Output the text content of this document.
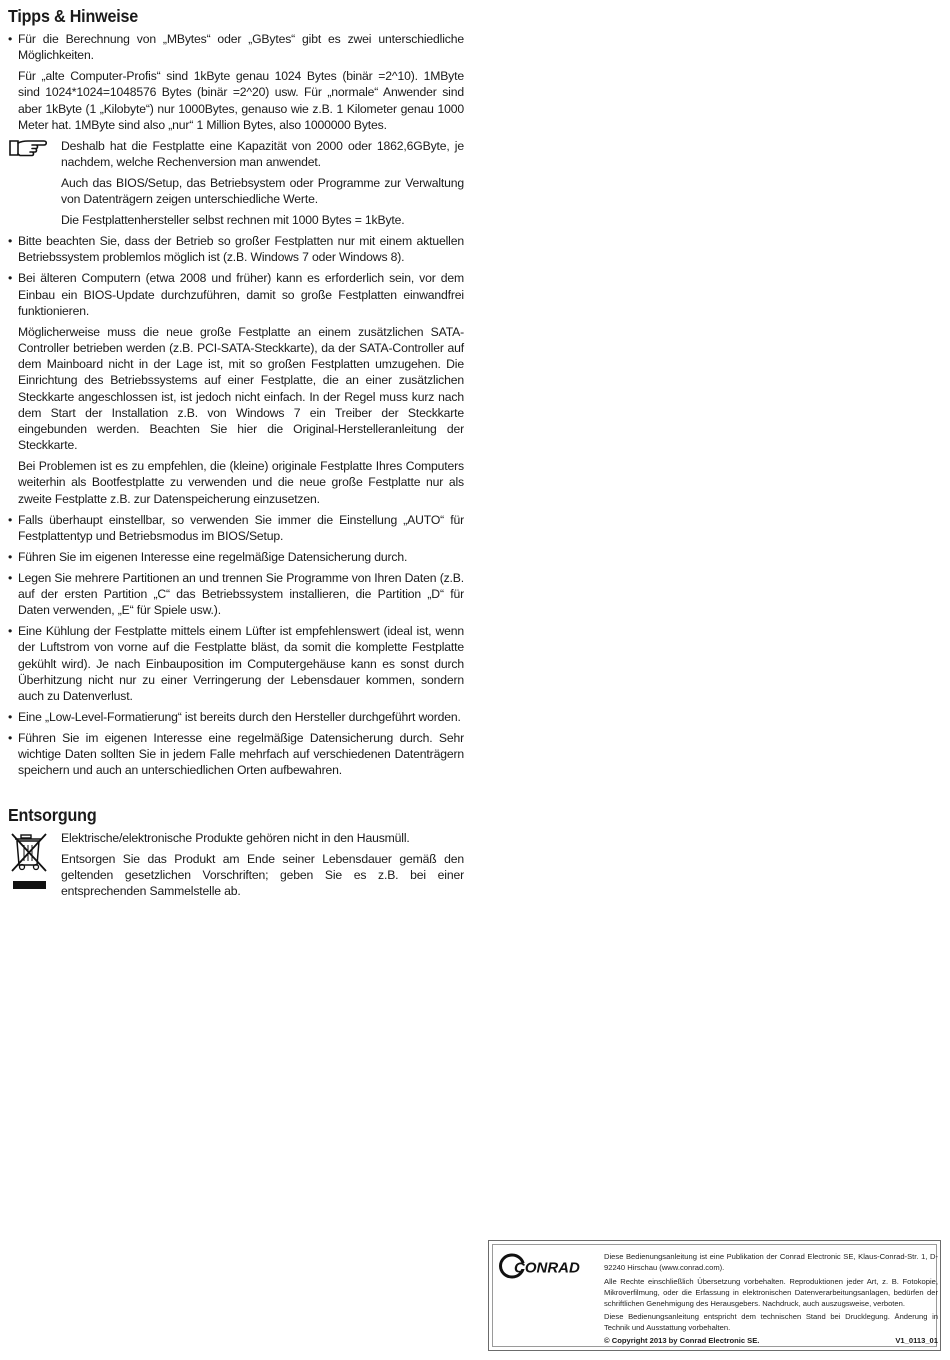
Tipps & Hinweise

• Für die Berechnung von „MBytes“ oder „GBytes“ gibt es zwei unterschiedliche Möglichkeiten.

Für „alte Computer-Profis“ sind 1kByte genau 1024 Bytes (binär =2^10). 1MByte sind 1024*1024=1048576 Bytes (binär =2^20) usw. Für „normale“ Anwender sind aber 1kByte (1 „Kilobyte“) nur 1000Bytes, genauso wie z.B. 1 Kilometer genau 1000 Meter hat. 1MByte sind also „nur“ 1 Million Bytes, also 1000000 Bytes.

Deshalb hat die Festplatte eine Kapazität von 2000 oder 1862,6GByte, je nachdem, welche Rechenversion man anwendet.

Auch das BIOS/Setup, das Betriebsystem oder Programme zur Verwaltung von Datenträgern zeigen unterschiedliche Werte.

Die Festplattenhersteller selbst rechnen mit 1000 Bytes = 1kByte.

• Bitte beachten Sie, dass der Betrieb so großer Festplatten nur mit einem aktuellen Betriebssystem problemlos möglich ist (z.B. Windows 7 oder Windows 8).

• Bei älteren Computern (etwa 2008 und früher) kann es erforderlich sein, vor dem Einbau ein BIOS-Update durchzuführen, damit so große Festplatten einwandfrei funktionieren.

Möglicherweise muss die neue große Festplatte an einem zusätzlichen SATA-Controller betrieben werden (z.B. PCI-SATA-Steckkarte), da der SATA-Controller auf dem Mainboard nicht in der Lage ist, mit so großen Festplatten umzugehen. Die Einrichtung des Betriebssystems auf einer Festplatte, die an einer zusätzlichen Steckkarte angeschlossen ist, ist jedoch nicht einfach. In der Regel muss kurz nach dem Start der Installation z.B. von Windows 7 ein Treiber der Steckkarte eingebunden werden. Beachten Sie hier die Original-Herstelleranleitung der Steckkarte.

Bei Problemen ist es zu empfehlen, die (kleine) originale Festplatte Ihres Computers weiterhin als Bootfestplatte zu verwenden und die neue große Festplatte nur als zweite Festplatte z.B. zur Datenspeicherung einzusetzen.

• Falls überhaupt einstellbar, so verwenden Sie immer die Einstellung „AUTO“ für Festplattentyp und Betriebsmodus im BIOS/Setup.

• Führen Sie im eigenen Interesse eine regelmäßige Datensicherung durch.

• Legen Sie mehrere Partitionen an und trennen Sie Programme von Ihren Daten (z.B. auf der ersten Partition „C“ das Betriebssystem installieren, die Partition „D“ für Daten verwenden, „E“ für Spiele usw.).

• Eine Kühlung der Festplatte mittels einem Lüfter ist empfehlenswert (ideal ist, wenn der Luftstrom von vorne auf die Festplatte bläst, da somit die komplette Festplatte gekühlt wird). Je nach Einbauposition im Computergehäuse kann es sonst durch Überhitzung nicht nur zu einer Verringerung der Lebensdauer kommen, sondern auch zu Datenverlust.

• Eine „Low-Level-Formatierung“ ist bereits durch den Hersteller durchgeführt worden.

• Führen Sie im eigenen Interesse eine regelmäßige Datensicherung durch. Sehr wichtige Daten sollten Sie in jedem Falle mehrfach auf verschiedenen Datenträgern speichern und auch an unterschiedlichen Orten aufbewahren.

Entsorgung

Elektrische/elektronische Produkte gehören nicht in den Hausmüll.

Entsorgen Sie das Produkt am Ende seiner Lebensdauer gemäß den geltenden gesetzlichen Vorschriften; geben Sie es z.B. bei einer entsprechenden Sammelstelle ab.

CONRAD

Diese Bedienungsanleitung ist eine Publikation der Conrad Electronic SE, Klaus-Conrad-Str. 1, D-92240 Hirschau (www.conrad.com).

Alle Rechte einschließlich Übersetzung vorbehalten. Reproduktionen jeder Art, z. B. Fotokopie, Mikroverfilmung, oder die Erfassung in elektronischen Datenverarbeitungsanlagen, bedürfen der schriftlichen Genehmigung des Herausgebers. Nachdruck, auch auszugsweise, verboten.

Diese Bedienungsanleitung entspricht dem technischen Stand bei Drucklegung. Änderung in Technik und Ausstattung vorbehalten.

© Copyright 2013 by Conrad Electronic SE.	V1_0113_01
